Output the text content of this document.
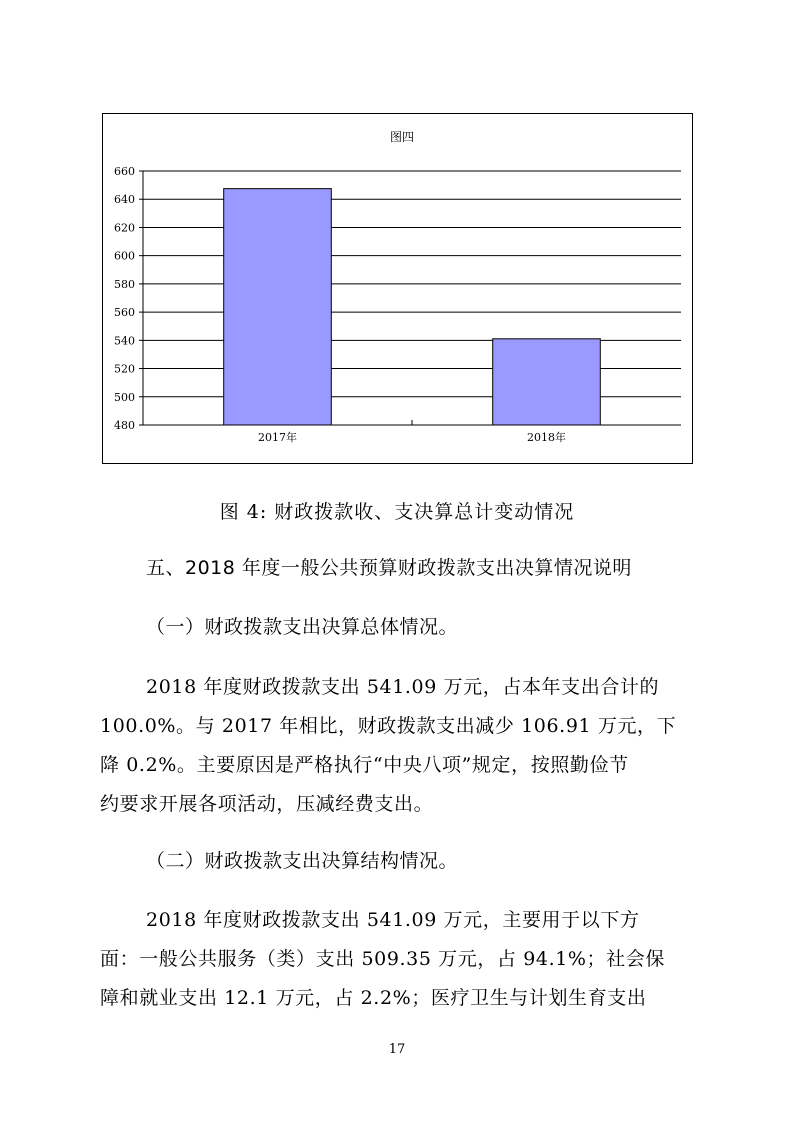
图四
480
500
520
540
560
580
600
620
640
660
2017年	2018年
图 4: 财政拨款收、支决算总计变动情况
五、2018 年度一般公共预算财政拨款支出决算情况说明
（一）财政拨款支出决算总体情况。
2018 年度财政拨款支出 541.09 万元，占本年支出合计的
100.0%。与 2017 年相比，财政拨款支出减少 106.91 万元，下
降 0.2%。主要原因是严格执行“中央八项”规定，按照勤俭节
约要求开展各项活动，压减经费支出。
（二）财政拨款支出决算结构情况。
2018 年度财政拨款支出 541.09 万元，主要用于以下方
面：一般公共服务（类）支出 509.35 万元，占 94.1%；社会保
障和就业支出 12.1 万元，占 2.2%；医疗卫生与计划生育支出
17
